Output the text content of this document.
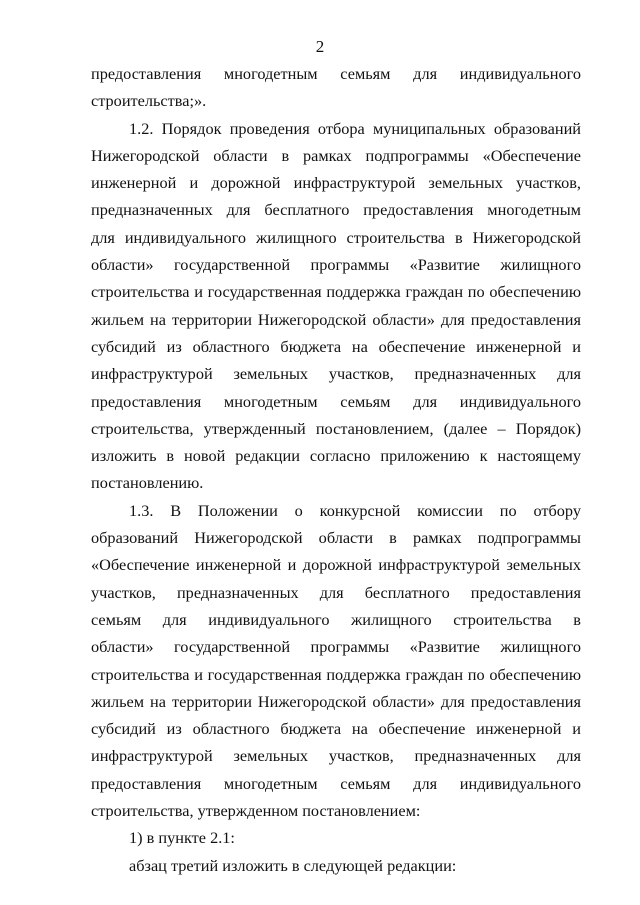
2
предоставления многодетным семьям для индивидуального
строительства;».
1.2. Порядок проведения отбора муниципальных образований
Нижегородской области в рамках подпрограммы «Обеспечение
инженерной и дорожной инфраструктурой земельных участков,
предназначенных для бесплатного предоставления многодетным
для индивидуального жилищного строительства в Нижегородской
области» государственной программы «Развитие жилищного
строительства и государственная поддержка граждан по обеспечению
жильем на территории Нижегородской области» для предоставления
субсидий из областного бюджета на обеспечение инженерной и
инфраструктурой земельных участков, предназначенных для
предоставления многодетным семьям для индивидуального
строительства, утвержденный постановлением, (далее – Порядок)
изложить в новой редакции согласно приложению к настоящему
постановлению.
1.3. В Положении о конкурсной комиссии по отбору
образований Нижегородской области в рамках подпрограммы
«Обеспечение инженерной и дорожной инфраструктурой земельных
участков, предназначенных для бесплатного предоставления
семьям для индивидуального жилищного строительства в
области» государственной программы «Развитие жилищного
строительства и государственная поддержка граждан по обеспечению
жильем на территории Нижегородской области» для предоставления
субсидий из областного бюджета на обеспечение инженерной и
инфраструктурой земельных участков, предназначенных для
предоставления многодетным семьям для индивидуального
строительства, утвержденном постановлением:
1) в пункте 2.1:
абзац третий изложить в следующей редакции:
